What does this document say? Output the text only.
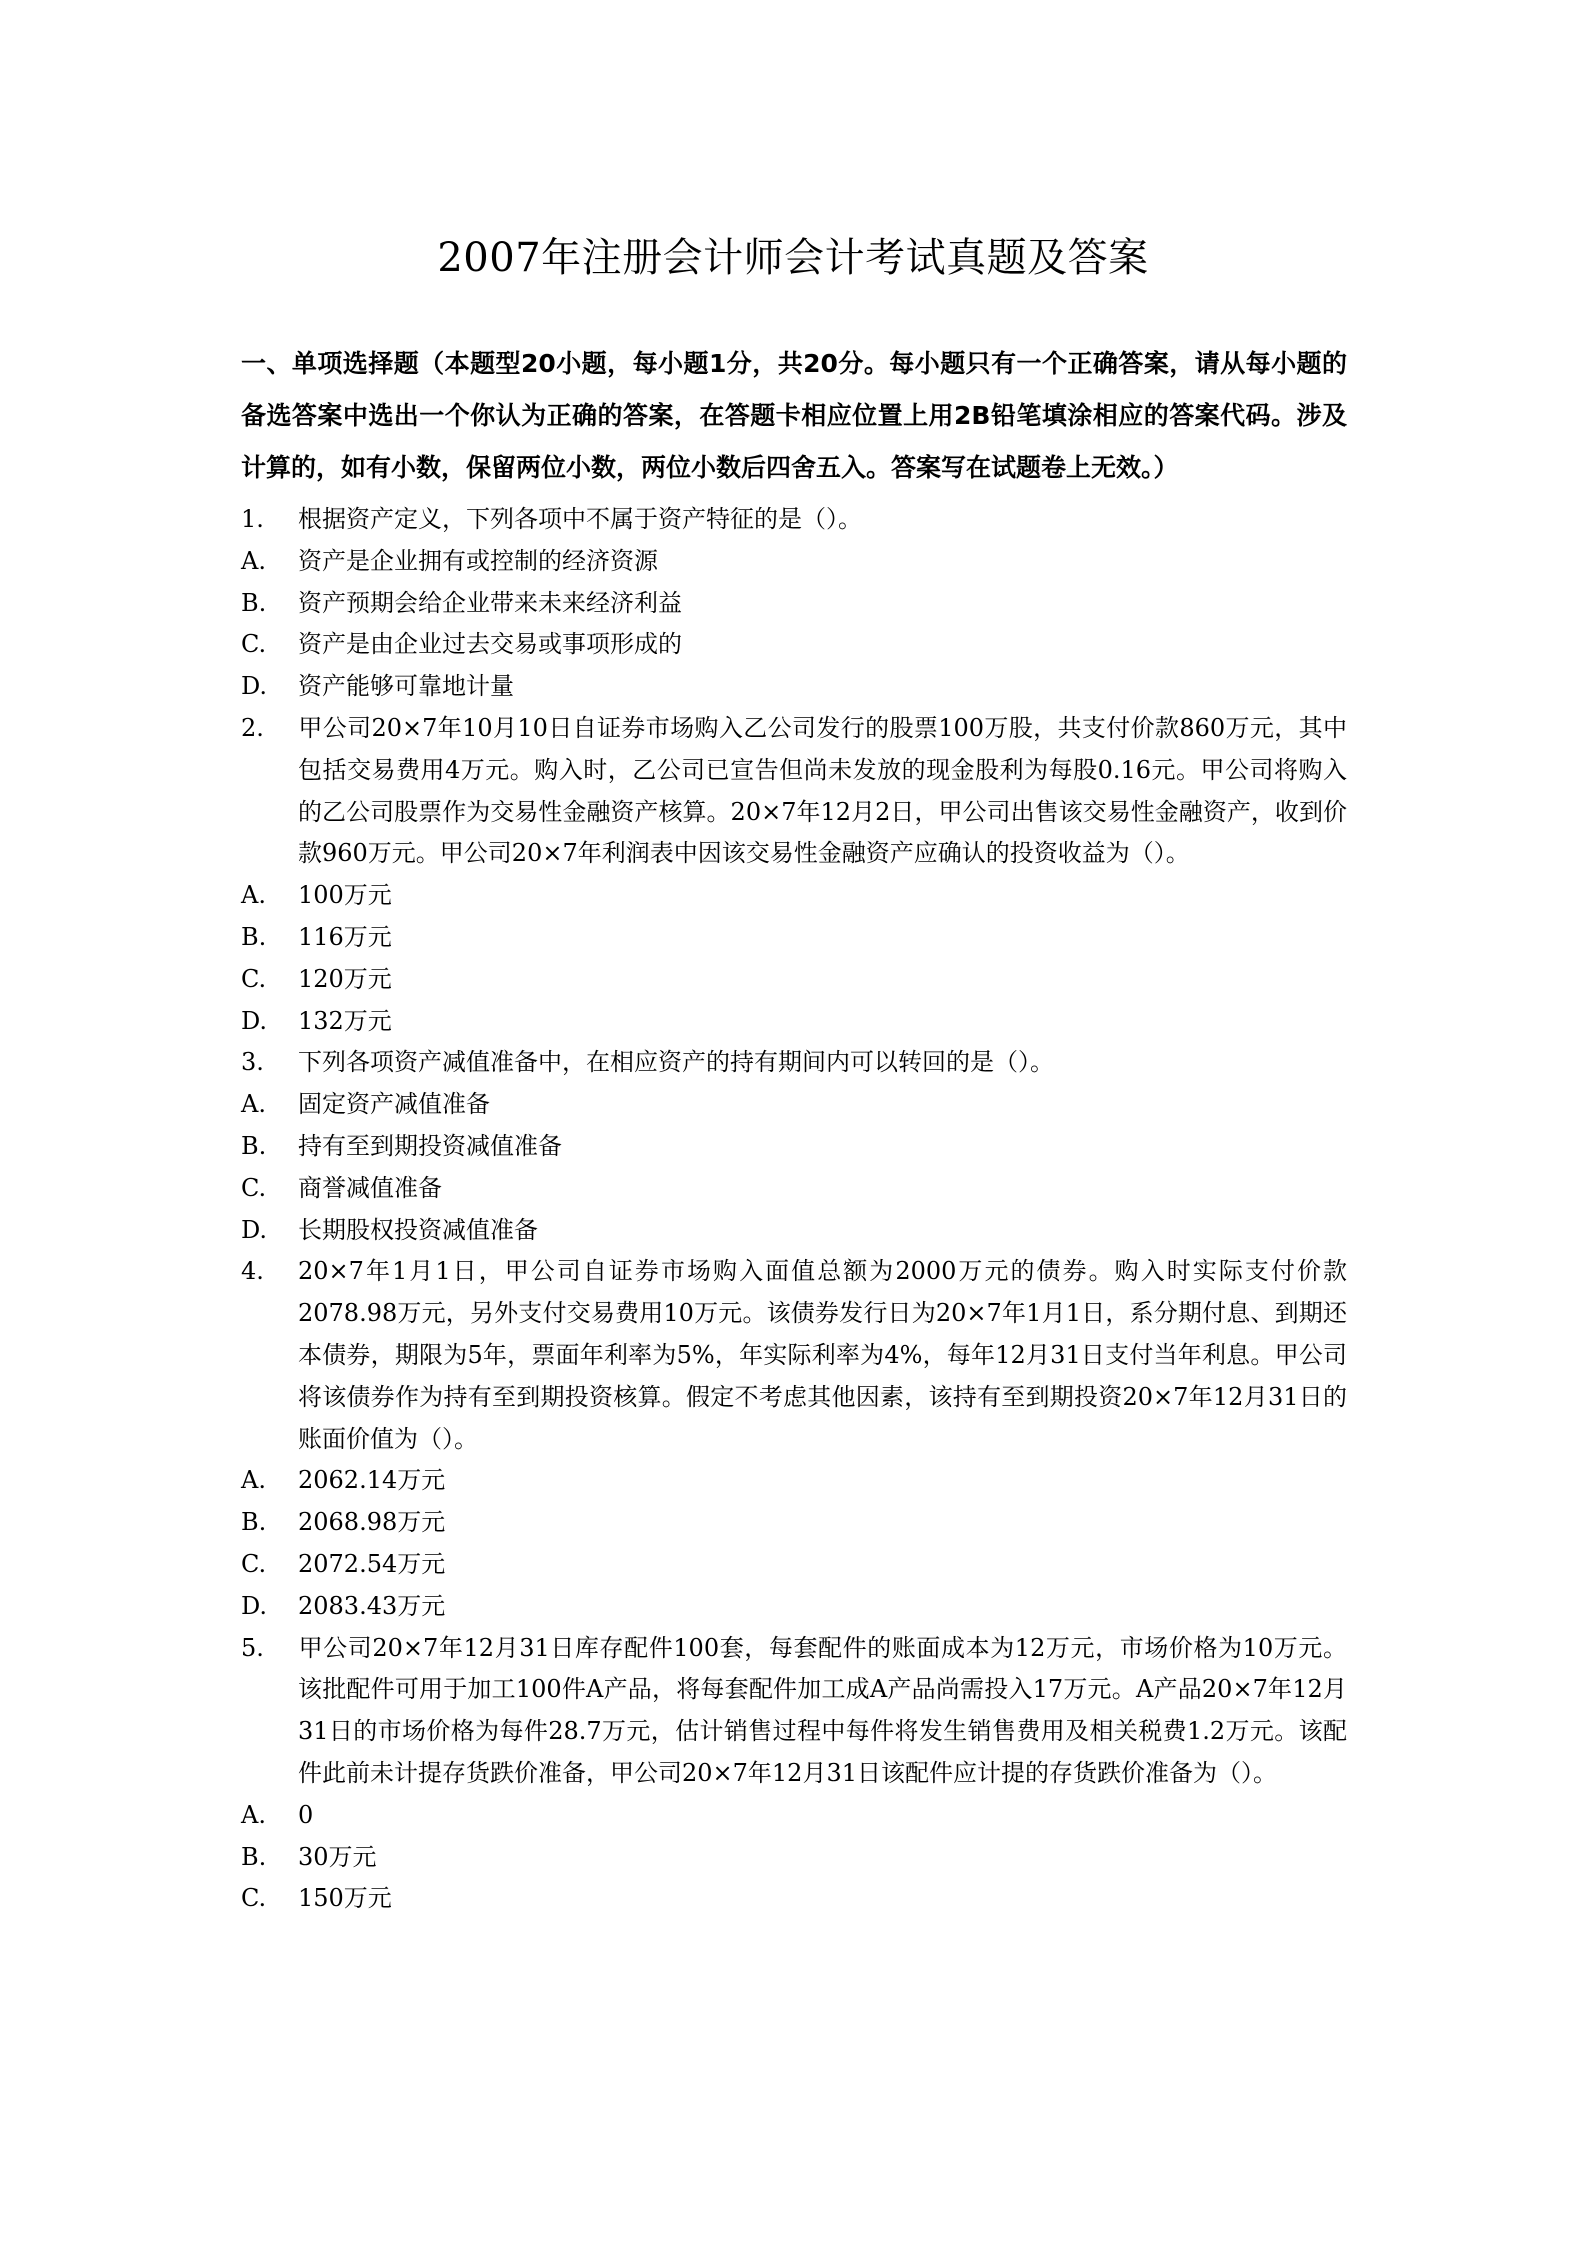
2007年注册会计师会计考试真题及答案

一、单项选择题（本题型20小题，每小题1分，共20分。每小题只有一个正确答案，请从每小题的备选答案中选出一个你认为正确的答案，在答题卡相应位置上用2B铅笔填涂相应的答案代码。涉及计算的，如有小数，保留两位小数，两位小数后四舍五入。答案写在试题卷上无效。）

1. 根据资产定义，下列各项中不属于资产特征的是（）。

A. 资产是企业拥有或控制的经济资源

B. 资产预期会给企业带来未来经济利益

C. 资产是由企业过去交易或事项形成的

D. 资产能够可靠地计量

2. 甲公司20×7年10月10日自证券市场购入乙公司发行的股票100万股，共支付价款860万元，其中包括交易费用4万元。购入时，乙公司已宣告但尚未发放的现金股利为每股0.16元。甲公司将购入的乙公司股票作为交易性金融资产核算。20×7年12月2日，甲公司出售该交易性金融资产，收到价款960万元。甲公司20×7年利润表中因该交易性金融资产应确认的投资收益为（）。

A. 100万元

B. 116万元

C. 120万元

D. 132万元

3. 下列各项资产减值准备中，在相应资产的持有期间内可以转回的是（）。

A. 固定资产减值准备

B. 持有至到期投资减值准备

C. 商誉减值准备

D. 长期股权投资减值准备

4. 20×7年1月1日，甲公司自证券市场购入面值总额为2000万元的债券。购入时实际支付价款2078.98万元，另外支付交易费用10万元。该债券发行日为20×7年1月1日，系分期付息、到期还本债券，期限为5年，票面年利率为5%，年实际利率为4%，每年12月31日支付当年利息。甲公司将该债券作为持有至到期投资核算。假定不考虑其他因素，该持有至到期投资20×7年12月31日的账面价值为（）。

A. 2062.14万元

B. 2068.98万元

C. 2072.54万元

D. 2083.43万元

5. 甲公司20×7年12月31日库存配件100套，每套配件的账面成本为12万元，市场价格为10万元。该批配件可用于加工100件A产品，将每套配件加工成A产品尚需投入17万元。A产品20×7年12月31日的市场价格为每件28.7万元，估计销售过程中每件将发生销售费用及相关税费1.2万元。该配件此前未计提存货跌价准备，甲公司20×7年12月31日该配件应计提的存货跌价准备为（）。

A. 0

B. 30万元

C. 150万元
